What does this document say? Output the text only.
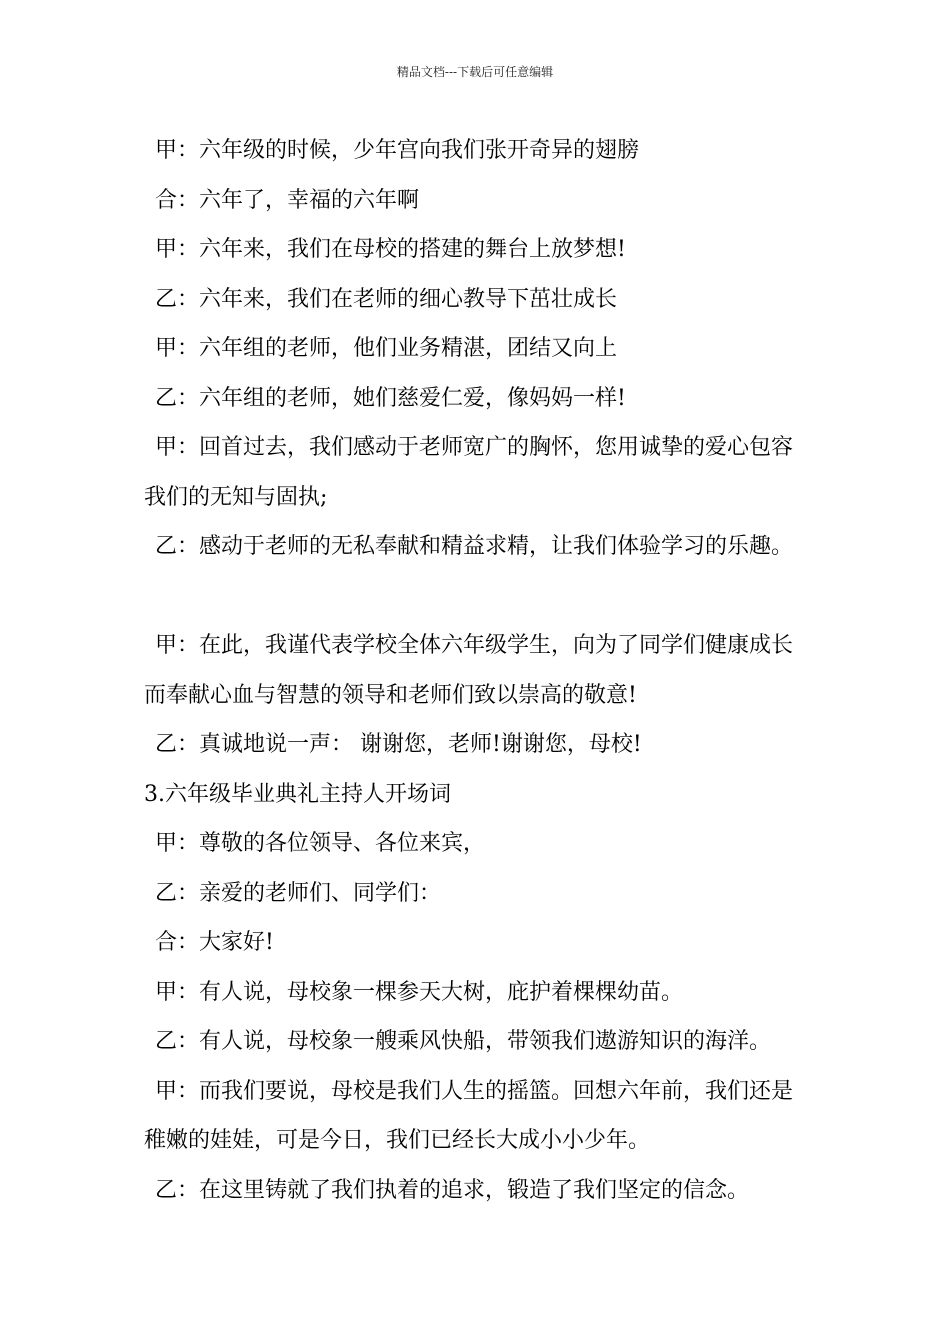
精品文档---下载后可任意编辑

甲：六年级的时候，少年宫向我们张开奇异的翅膀

合：六年了，幸福的六年啊

甲：六年来，我们在母校的搭建的舞台上放梦想!

乙：六年来，我们在老师的细心教导下茁壮成长

甲：六年组的老师，他们业务精湛，团结又向上

乙：六年组的老师，她们慈爱仁爱，像妈妈一样!

甲：回首过去，我们感动于老师宽广的胸怀，您用诚挚的爱心包容我们的无知与固执;

乙：感动于老师的无私奉献和精益求精，让我们体验学习的乐趣。

甲：在此，我谨代表学校全体六年级学生，向为了同学们健康成长而奉献心血与智慧的领导和老师们致以崇高的敬意!

乙：真诚地说一声： 谢谢您，老师!谢谢您，母校!

3.六年级毕业典礼主持人开场词

甲：尊敬的各位领导、各位来宾，

乙：亲爱的老师们、同学们：

合：大家好!

甲：有人说，母校象一棵参天大树，庇护着棵棵幼苗。

乙：有人说，母校象一艘乘风快船，带领我们遨游知识的海洋。

甲：而我们要说，母校是我们人生的摇篮。回想六年前，我们还是稚嫩的娃娃，可是今日，我们已经长大成小小少年。

乙：在这里铸就了我们执着的追求，锻造了我们坚定的信念。
